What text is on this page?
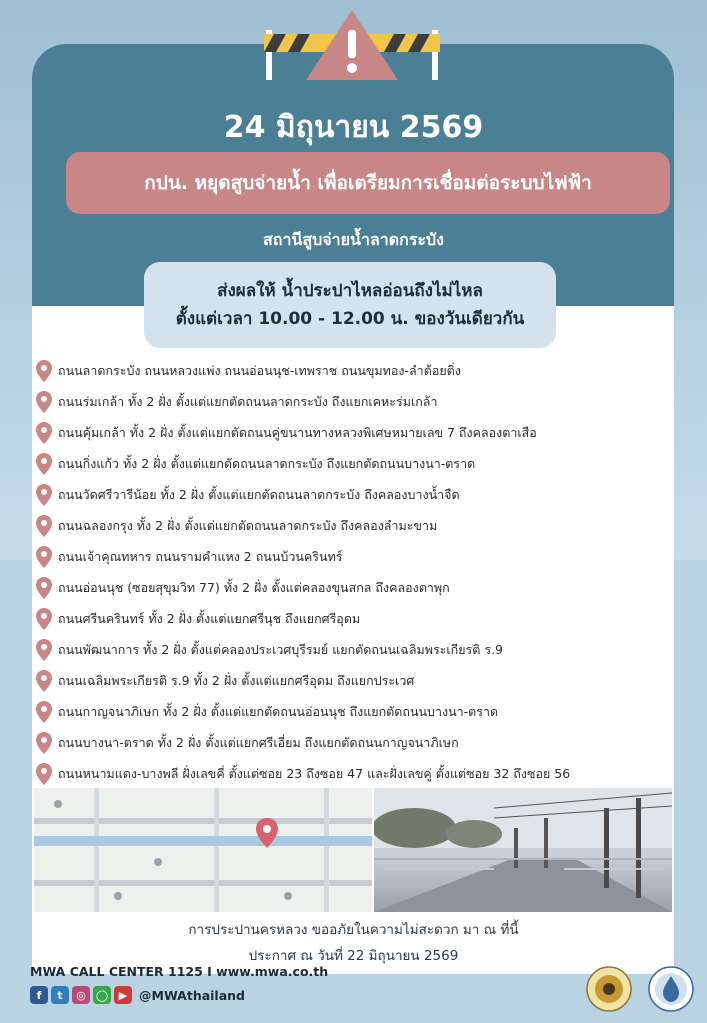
24 มิถุนายน 2569
กปน. หยุดสูบจ่ายน้ำ เพื่อเตรียมการเชื่อมต่อระบบไฟฟ้า
สถานีสูบจ่ายน้ำลาดกระบัง
ส่งผลให้ น้ำประปาไหลอ่อนถึงไม่ไหล
ตั้งแต่เวลา 10.00 - 12.00 น. ของวันเดียวกัน
ถนนลาดกระบัง ถนนหลวงแพ่ง ถนนอ่อนนุช-เทพราช ถนนขุมทอง-ลำต้อยติ่ง
ถนนร่มเกล้า ทั้ง 2 ฝั่ง ตั้งแต่แยกตัดถนนลาดกระบัง ถึงแยกเคหะร่มเกล้า
ถนนคุ้มเกล้า ทั้ง 2 ฝั่ง ตั้งแต่แยกตัดถนนคู่ขนานทางหลวงพิเศษหมายเลข 7 ถึงคลองตาเสือ
ถนนกิ่งแก้ว ทั้ง 2 ฝั่ง ตั้งแต่แยกตัดถนนลาดกระบัง ถึงแยกตัดถนนบางนา-ตราด
ถนนวัดศรีวารีน้อย ทั้ง 2 ฝั่ง ตั้งแต่แยกตัดถนนลาดกระบัง ถึงคลองบางน้ำจืด
ถนนฉลองกรุง ทั้ง 2 ฝั่ง ตั้งแต่แยกตัดถนนลาดกระบัง ถึงคลองลำมะขาม
ถนนเจ้าคุณทหาร ถนนรามคำแหง 2 ถนนบ้วนครินทร์
ถนนอ่อนนุช (ซอยสุขุมวิท 77) ทั้ง 2 ฝั่ง ตั้งแต่คลองขุนสกล ถึงคลองตาพุก
ถนนศรีนครินทร์ ทั้ง 2 ฝั่ง ตั้งแต่แยกศรีนุช ถึงแยกศรีอุดม
ถนนพัฒนาการ ทั้ง 2 ฝั่ง ตั้งแต่คลองประเวศบุรีรมย์ แยกตัดถนนเฉลิมพระเกียรติ ร.9
ถนนเฉลิมพระเกียรติ ร.9 ทั้ง 2 ฝั่ง ตั้งแต่แยกศรีอุดม ถึงแยกประเวศ
ถนนกาญจนาภิเษก ทั้ง 2 ฝั่ง ตั้งแต่แยกตัดถนนอ่อนนุช ถึงแยกตัดถนนบางนา-ตราด
ถนนบางนา-ตราด ทั้ง 2 ฝั่ง ตั้งแต่แยกศรีเอี่ยม ถึงแยกตัดถนนกาญจนาภิเษก
ถนนหนามแดง-บางพลี ฝั่งเลขคี่ ตั้งแต่ซอย 23 ถึงซอย 47 และฝั่งเลขคู่ ตั้งแต่ซอย 32 ถึงซอย 56
การประปานครหลวง ขออภัยในความไม่สะดวก มา ณ ที่นี้
ประกาศ ณ วันที่ 22 มิถุนายน 2569
MWA CALL CENTER 1125 I www.mwa.co.th
f	t	◎ ◯ ▶ @MWAthailand
